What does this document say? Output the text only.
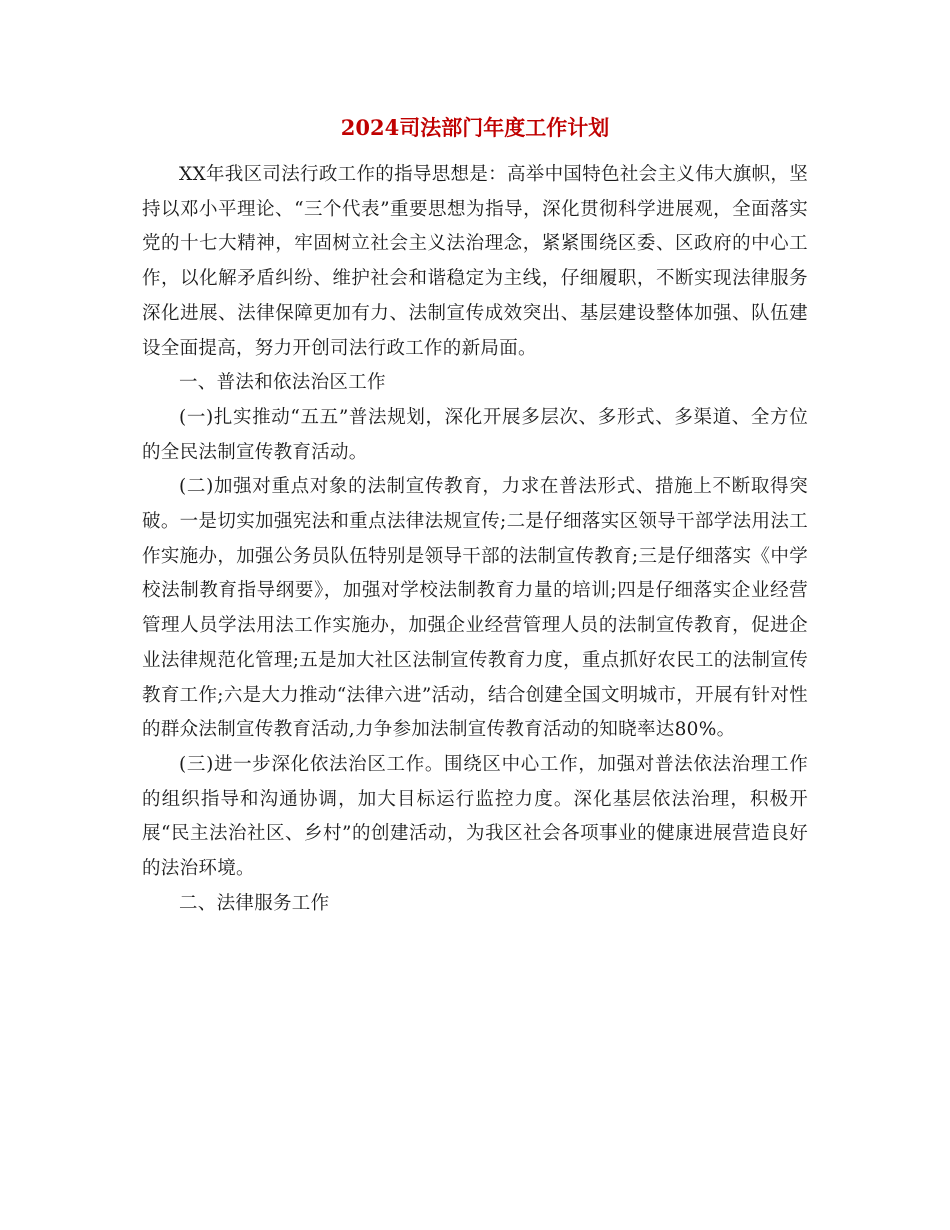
2024司法部门年度工作计划

XX年我区司法行政工作的指导思想是：高举中国特色社会主义伟大旗帜，坚持以邓小平理论、“三个代表”重要思想为指导，深化贯彻科学进展观，全面落实党的十七大精神，牢固树立社会主义法治理念，紧紧围绕区委、区政府的中心工作，以化解矛盾纠纷、维护社会和谐稳定为主线，仔细履职，不断实现法律服务深化进展、法律保障更加有力、法制宣传成效突出、基层建设整体加强、队伍建设全面提高，努力开创司法行政工作的新局面。

一、普法和依法治区工作

(一)扎实推动“五五”普法规划，深化开展多层次、多形式、多渠道、全方位的全民法制宣传教育活动。

(二)加强对重点对象的法制宣传教育，力求在普法形式、措施上不断取得突破。一是切实加强宪法和重点法律法规宣传;二是仔细落实区领导干部学法用法工作实施办，加强公务员队伍特别是领导干部的法制宣传教育;三是仔细落实《中学校法制教育指导纲要》，加强对学校法制教育力量的培训;四是仔细落实企业经营管理人员学法用法工作实施办，加强企业经营管理人员的法制宣传教育，促进企业法律规范化管理;五是加大社区法制宣传教育力度，重点抓好农民工的法制宣传教育工作;六是大力推动“法律六进”活动，结合创建全国文明城市，开展有针对性的群众法制宣传教育活动,力争参加法制宣传教育活动的知晓率达80%。

(三)进一步深化依法治区工作。围绕区中心工作，加强对普法依法治理工作的组织指导和沟通协调，加大目标运行监控力度。深化基层依法治理，积极开展“民主法治社区、乡村”的创建活动，为我区社会各项事业的健康进展营造良好的法治环境。

二、法律服务工作
